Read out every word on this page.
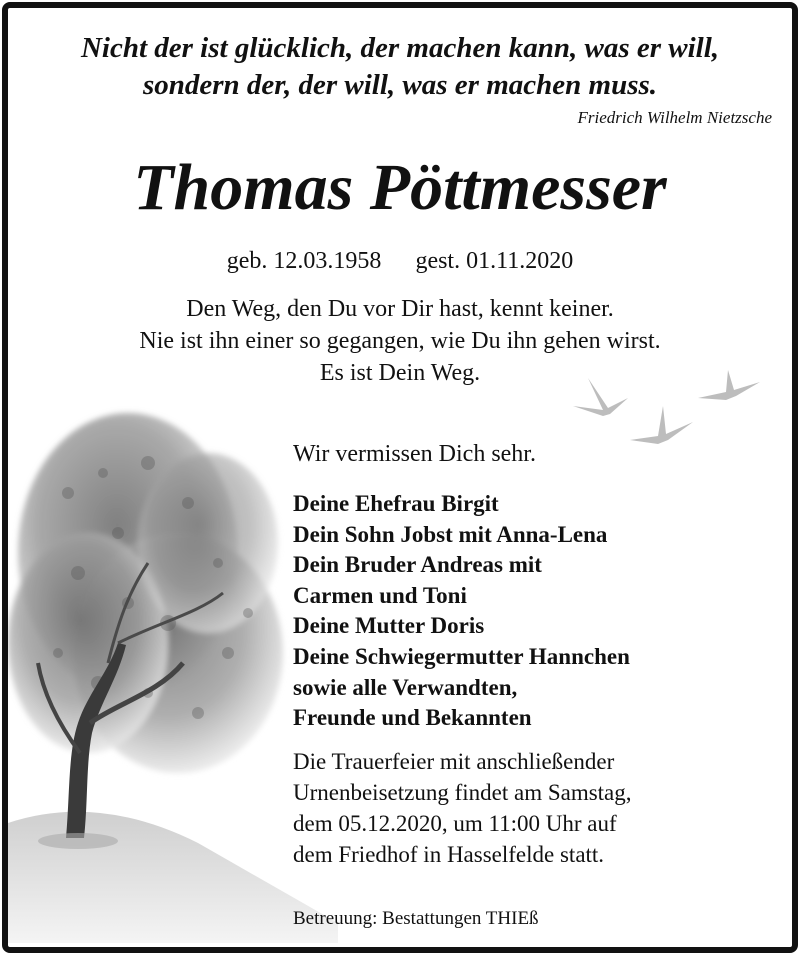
Nicht der ist glücklich, der machen kann, was er will,
sondern der, der will, was er machen muss.
Friedrich Wilhelm Nietzsche
Thomas Pöttmesser
geb. 12.03.1958 gest. 01.11.2020
Den Weg, den Du vor Dir hast, kennt keiner.
Nie ist ihn einer so gegangen, wie Du ihn gehen wirst.
Es ist Dein Weg.
Wir vermissen Dich sehr.
Deine Ehefrau Birgit
Dein Sohn Jobst mit Anna-Lena
Dein Bruder Andreas mit
Carmen und Toni
Deine Mutter Doris
Deine Schwiegermutter Hannchen
sowie alle Verwandten,
Freunde und Bekannten
Die Trauerfeier mit anschließender
Urnenbeisetzung findet am Samstag,
dem 05.12.2020, um 11:00 Uhr auf
dem Friedhof in Hasselfelde statt.
Betreuung: Bestattungen THIEß
